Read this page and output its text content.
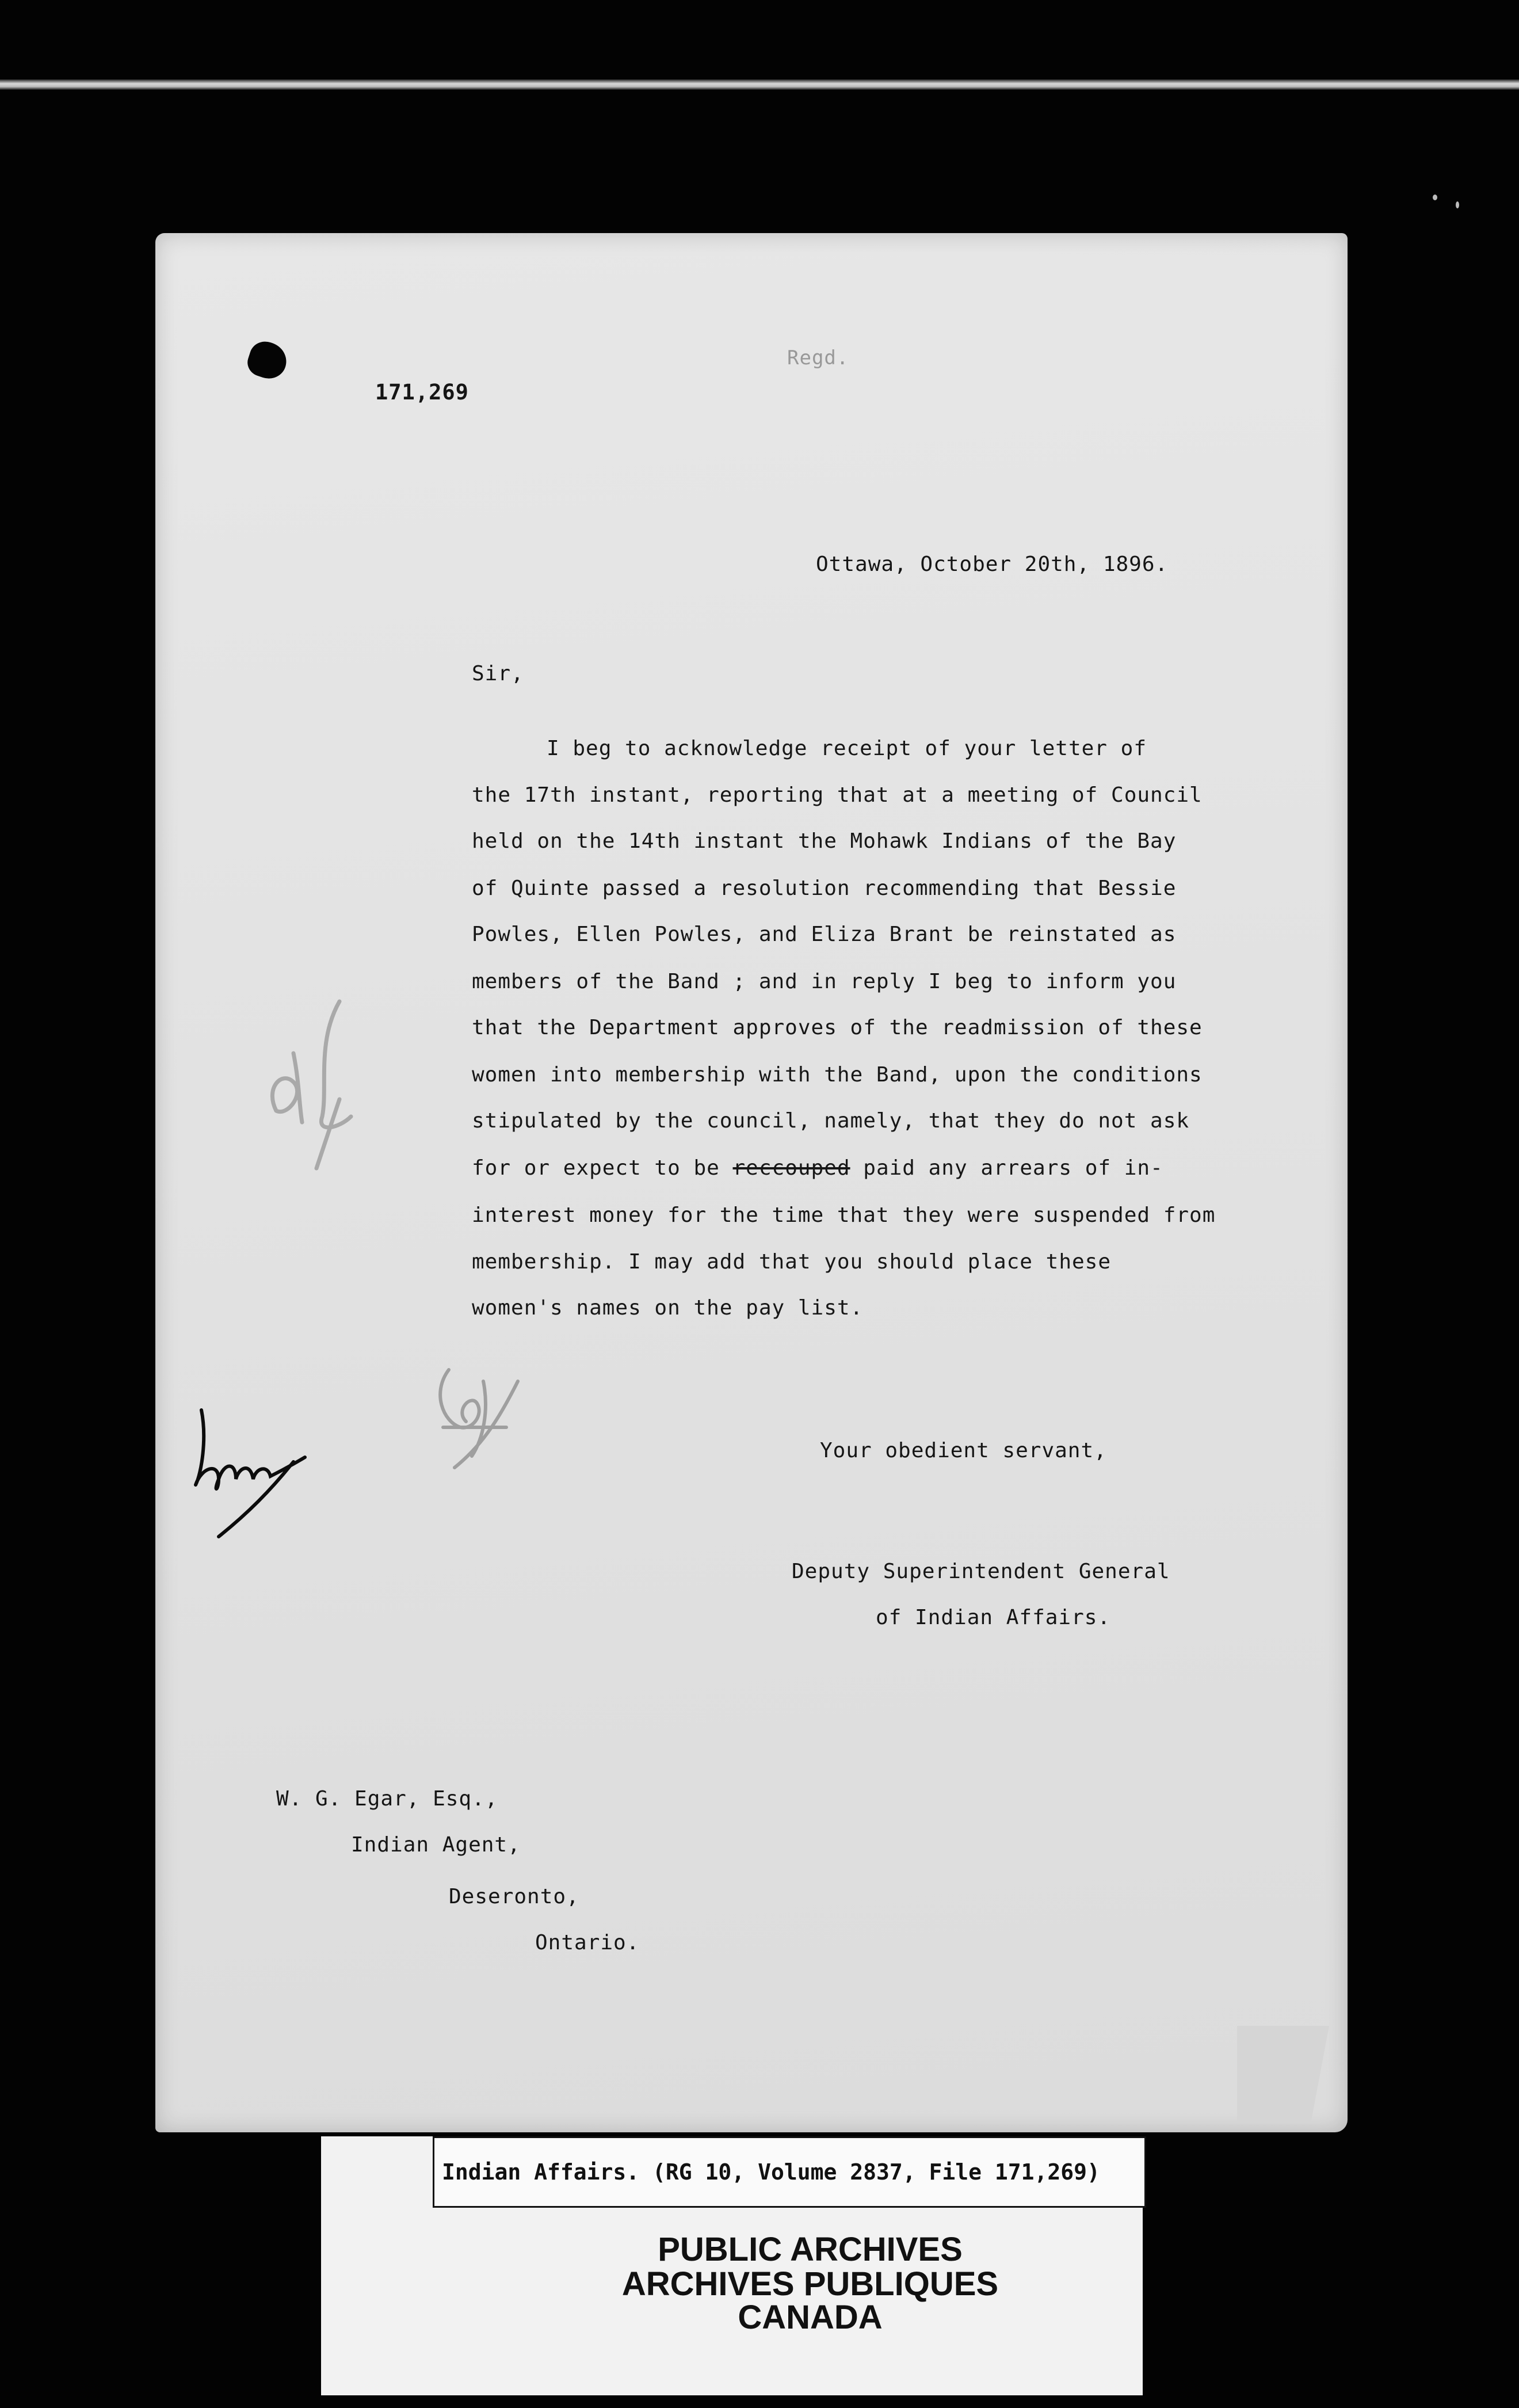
171,269
Regd.
Ottawa, October 20th, 1896.
Sir,
I beg to acknowledge receipt of your letter of
the 17th instant, reporting that at a meeting of Council
held on the 14th instant the Mohawk Indians of the Bay
of Quinte passed a resolution recommending that Bessie
Powles, Ellen Powles, and Eliza Brant be reinstated as
members of the Band ; and in reply I beg to inform you
that the Department approves of the readmission of these
women into membership with the Band, upon the conditions
stipulated by the council, namely, that they do not ask
for or expect to be reccouped paid any arrears of in-
interest money for the time that they were suspended from
membership. I may add that you should place these
women's names on the pay list.
Your obedient servant,
Deputy Superintendent General
of Indian Affairs.
W. G. Egar, Esq.,
Indian Agent,
Deseronto,
Ontario.
Indian Affairs. (RG 10, Volume 2837, File 171,269)
PUBLIC ARCHIVES
ARCHIVES PUBLIQUES
CANADA
